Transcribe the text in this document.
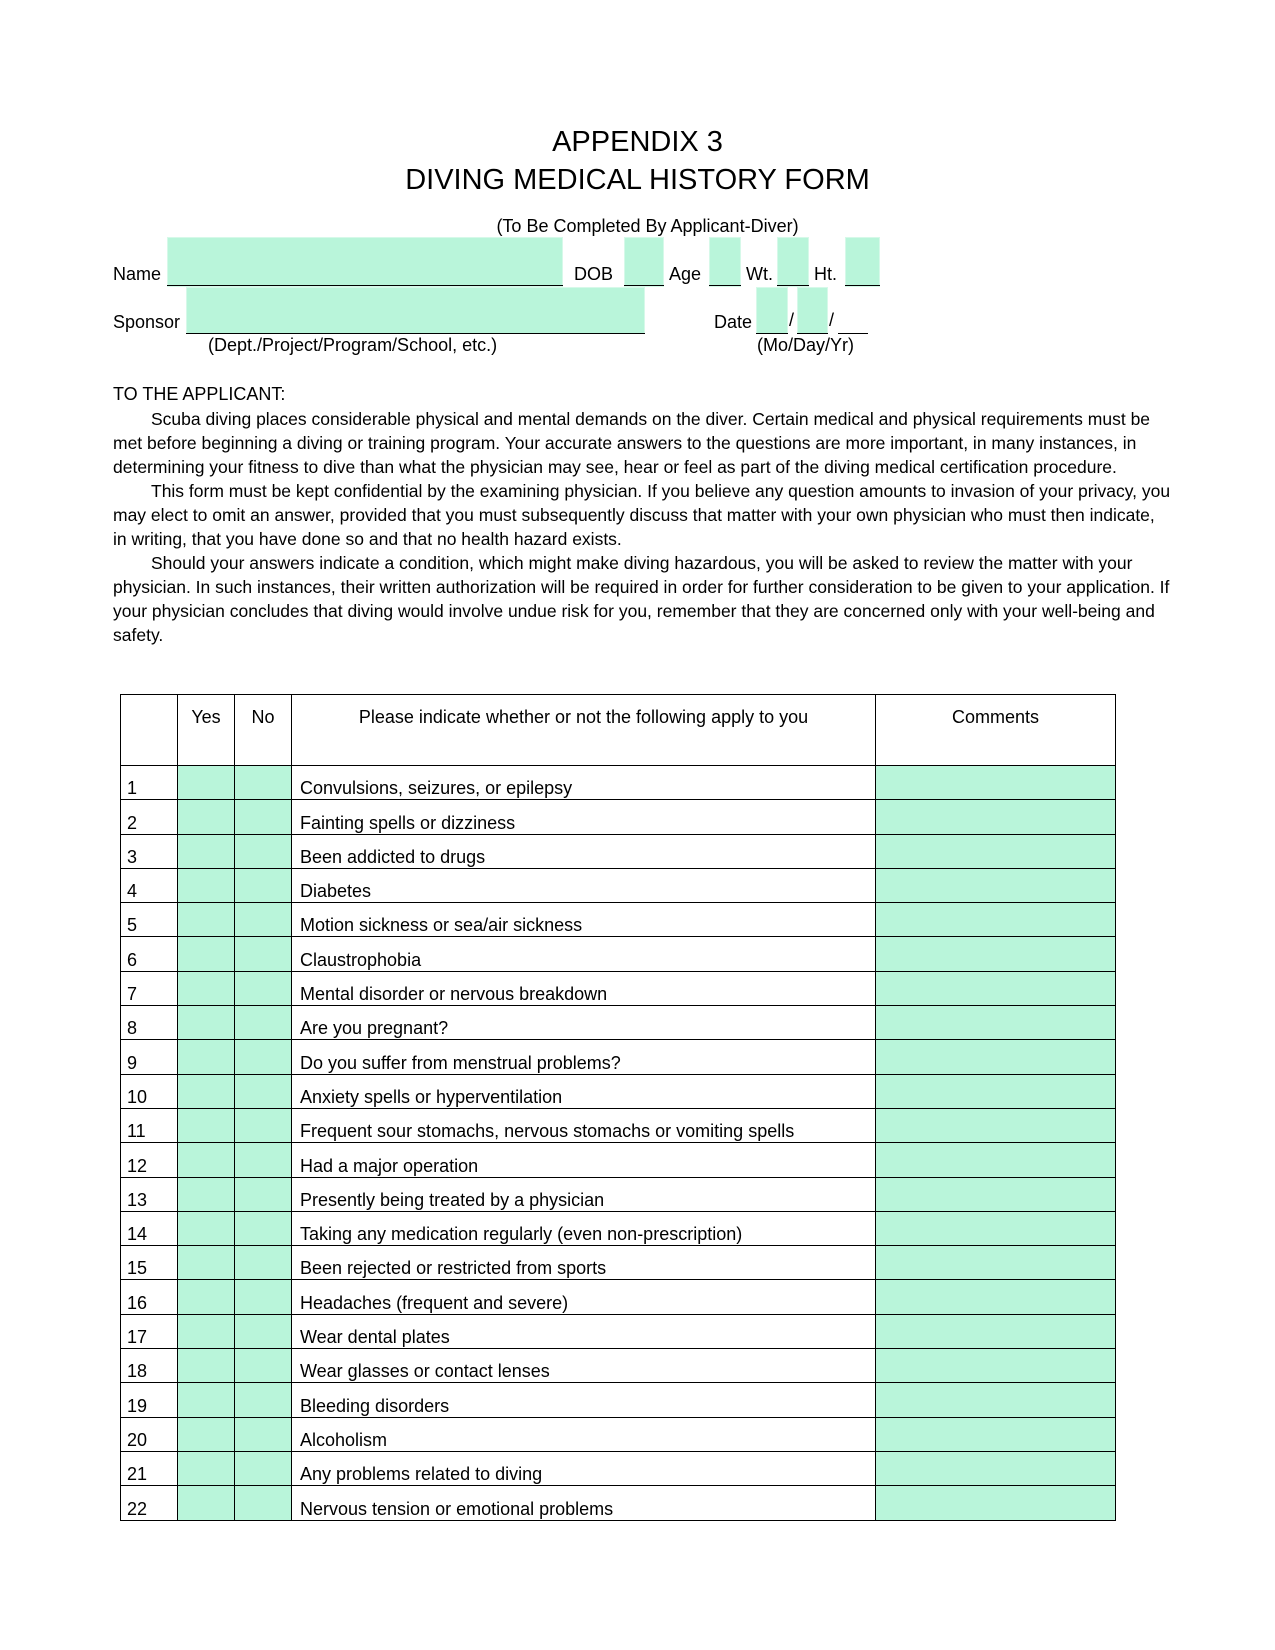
APPENDIX 3
DIVING MEDICAL HISTORY FORM
(To Be Completed By Applicant-Diver)
Name	DOB	Age Wt. Ht.
Sponsor
(Dept./Project/Program/School, etc.)
Date / /
(Mo/Day/Yr)
TO THE APPLICANT:

Scuba diving places considerable physical and mental demands on the diver. Certain medical and physical requirements must be met before beginning a diving or training program. Your accurate answers to the questions are more important, in many instances, in determining your fitness to dive than what the physician may see, hear or feel as part of the diving medical certification procedure.

This form must be kept confidential by the examining physician. If you believe any question amounts to invasion of your privacy, you may elect to omit an answer, provided that you must subsequently discuss that matter with your own physician who must then indicate, in writing, that you have done so and that no health hazard exists.

Should your answers indicate a condition, which might make diving hazardous, you will be asked to review the matter with your physician. In such instances, their written authorization will be required in order for further consideration to be given to your application. If your physician concludes that diving would involve undue risk for you, remember that they are concerned only with your well-being and safety.

	Yes	No	Please indicate whether or not the following apply to you	Comments
1			Convulsions, seizures, or epilepsy	
2			Fainting spells or dizziness	
3			Been addicted to drugs	
4			Diabetes	
5			Motion sickness or sea/air sickness	
6			Claustrophobia	
7			Mental disorder or nervous breakdown	
8			Are you pregnant?	
9			Do you suffer from menstrual problems?	
10			Anxiety spells or hyperventilation	
11			Frequent sour stomachs, nervous stomachs or vomiting spells	
12			Had a major operation	
13			Presently being treated by a physician	
14			Taking any medication regularly (even non-prescription)	
15			Been rejected or restricted from sports	
16			Headaches (frequent and severe)	
17			Wear dental plates	
18			Wear glasses or contact lenses	
19			Bleeding disorders	
20			Alcoholism	
21			Any problems related to diving	
22			Nervous tension or emotional problems	
